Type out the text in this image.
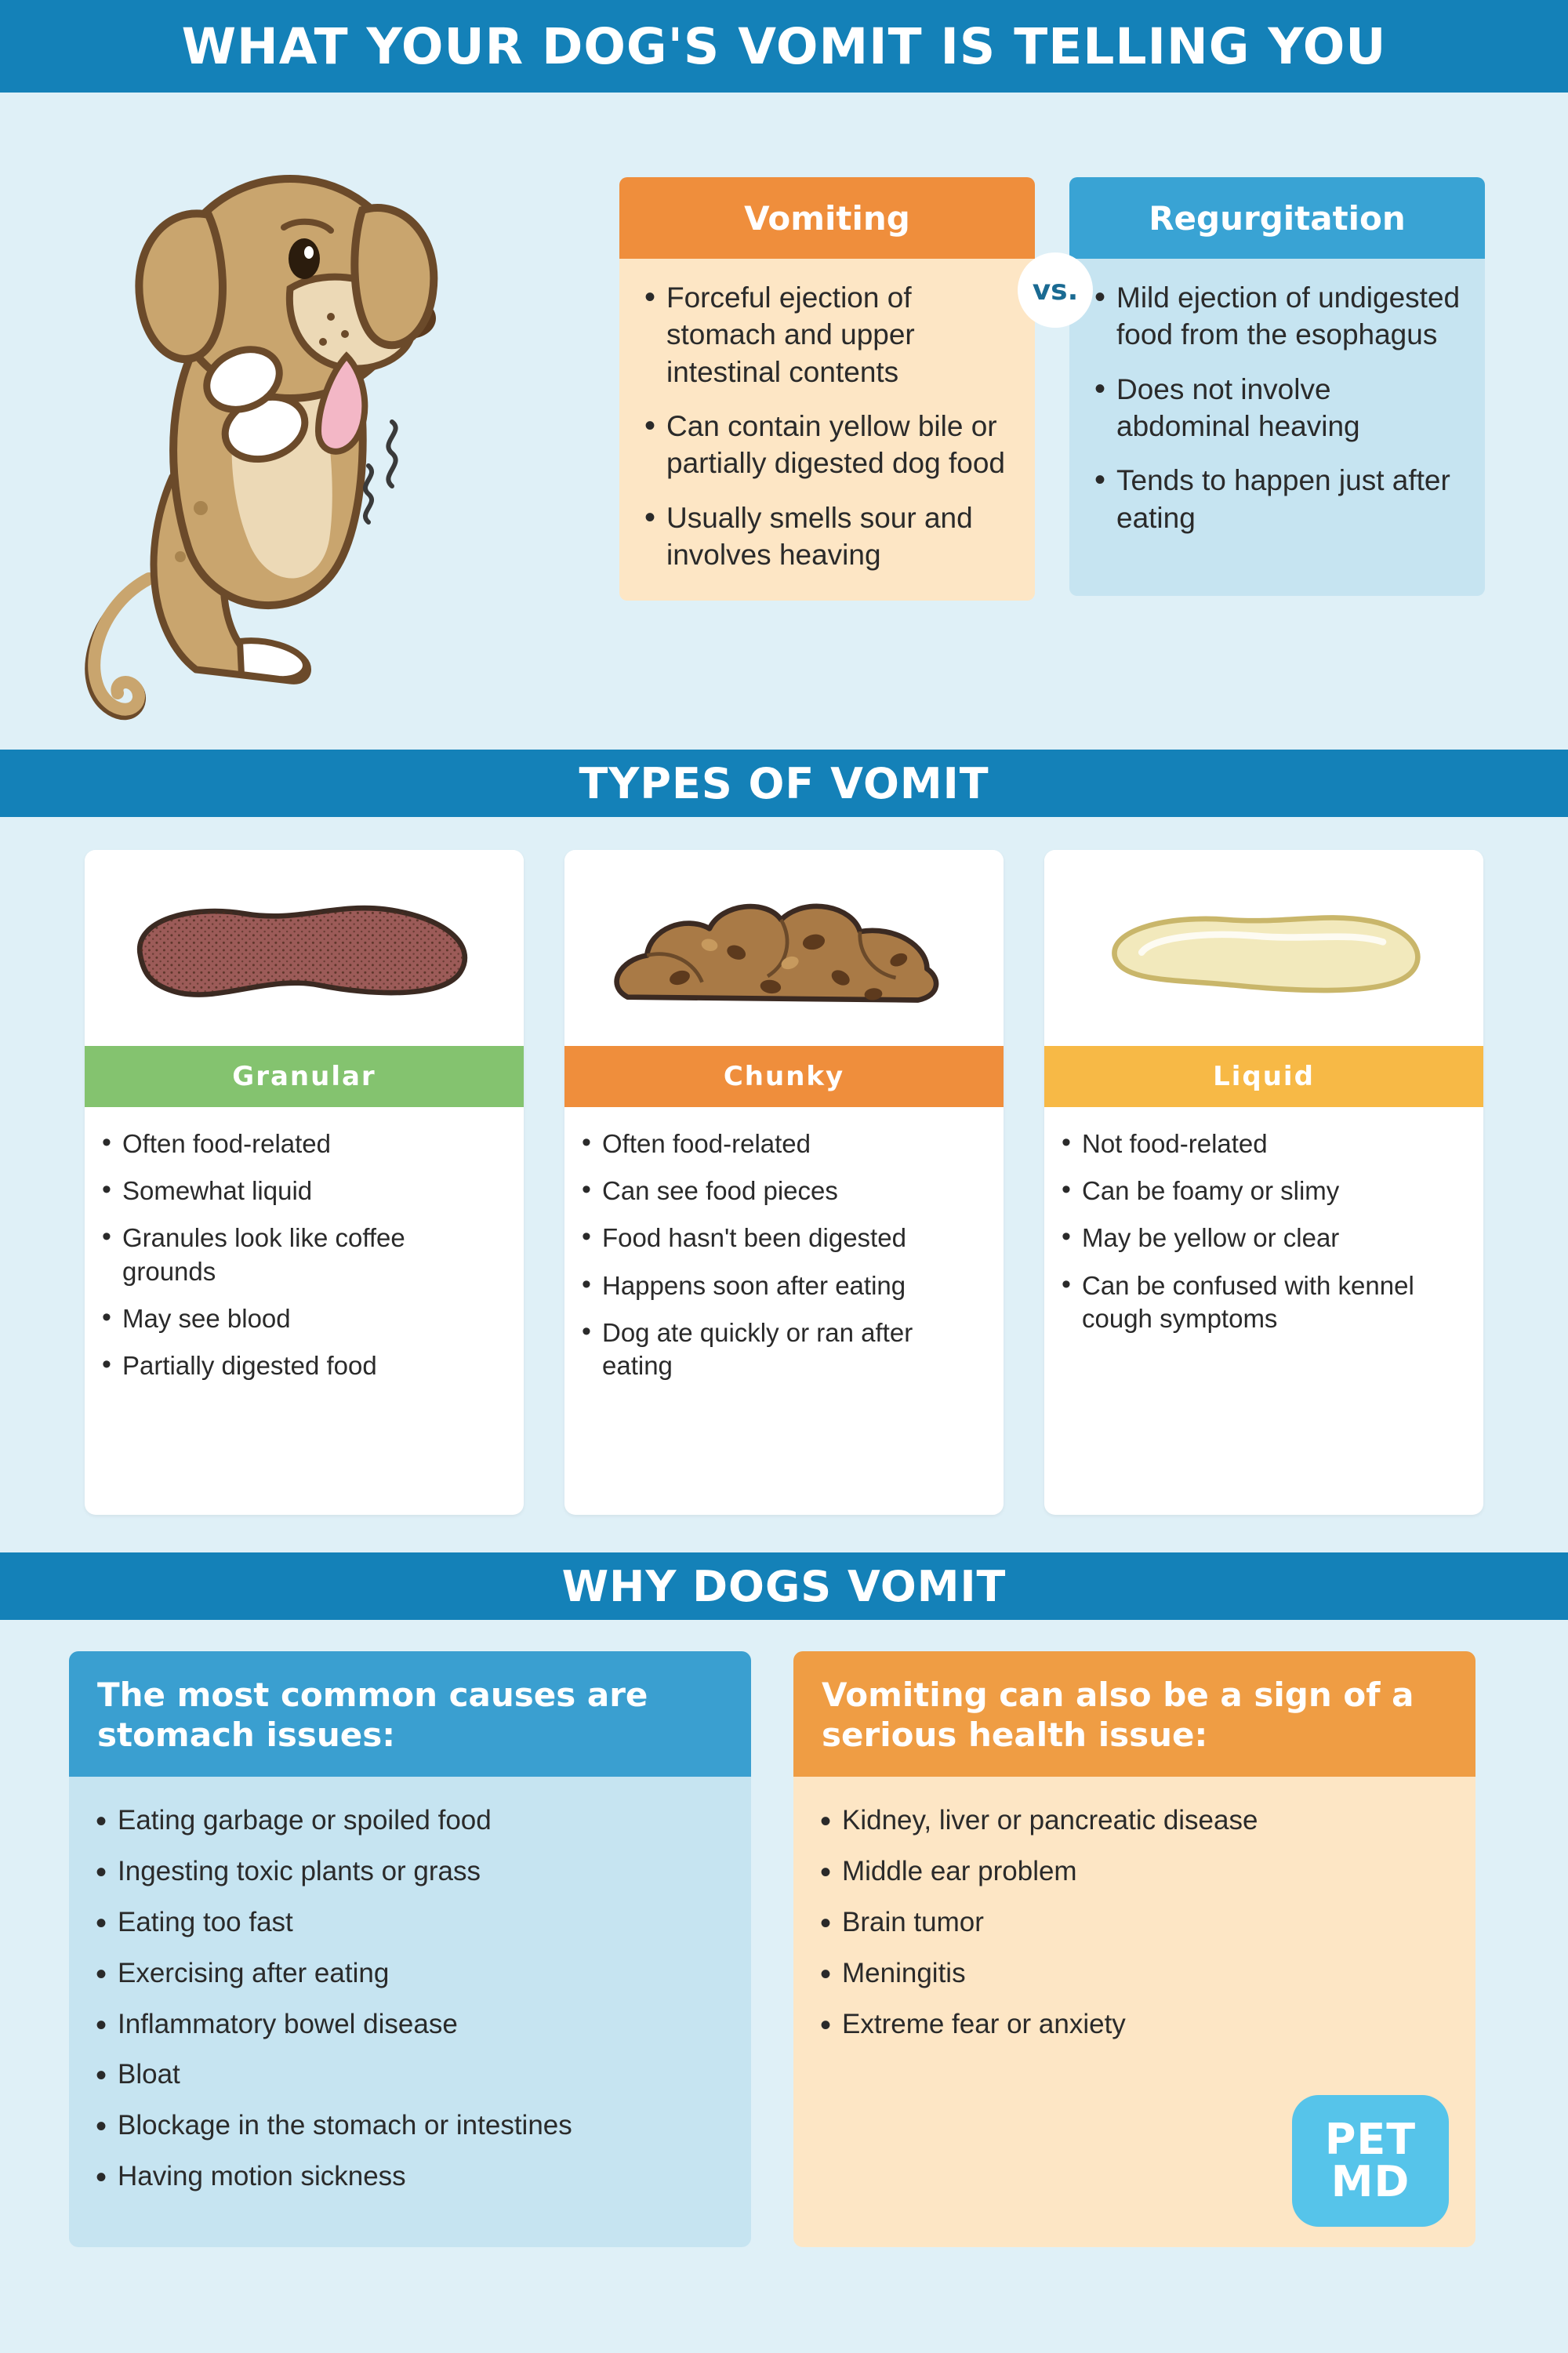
WHAT YOUR DOG'S VOMIT IS TELLING YOU
Vomiting
• Forceful ejection of stomach and upper intestinal contents
• Can contain yellow bile or partially digested dog food
• Usually smells sour and involves heaving
vs.
Regurgitation
• Mild ejection of undigested food from the esophagus
• Does not involve abdominal heaving
• Tends to happen just after eating
TYPES OF VOMIT
Granular
• Often food-related
• Somewhat liquid
• Granules look like coffee grounds
• May see blood
• Partially digested food
Chunky
• Often food-related
• Can see food pieces
• Food hasn't been digested
• Happens soon after eating
• Dog ate quickly or ran after eating
Liquid
• Not food-related
• Can be foamy or slimy
• May be yellow or clear
• Can be confused with kennel cough symptoms
WHY DOGS VOMIT
The most common causes are stomach issues:
• Eating garbage or spoiled food
• Ingesting toxic plants or grass
• Eating too fast
• Exercising after eating
• Inflammatory bowel disease
• Bloat
• Blockage in the stomach or intestines
• Having motion sickness
Vomiting can also be a sign of a serious health issue:
• Kidney, liver or pancreatic disease
• Middle ear problem
• Brain tumor
• Meningitis
• Extreme fear or anxiety
PET
MD
